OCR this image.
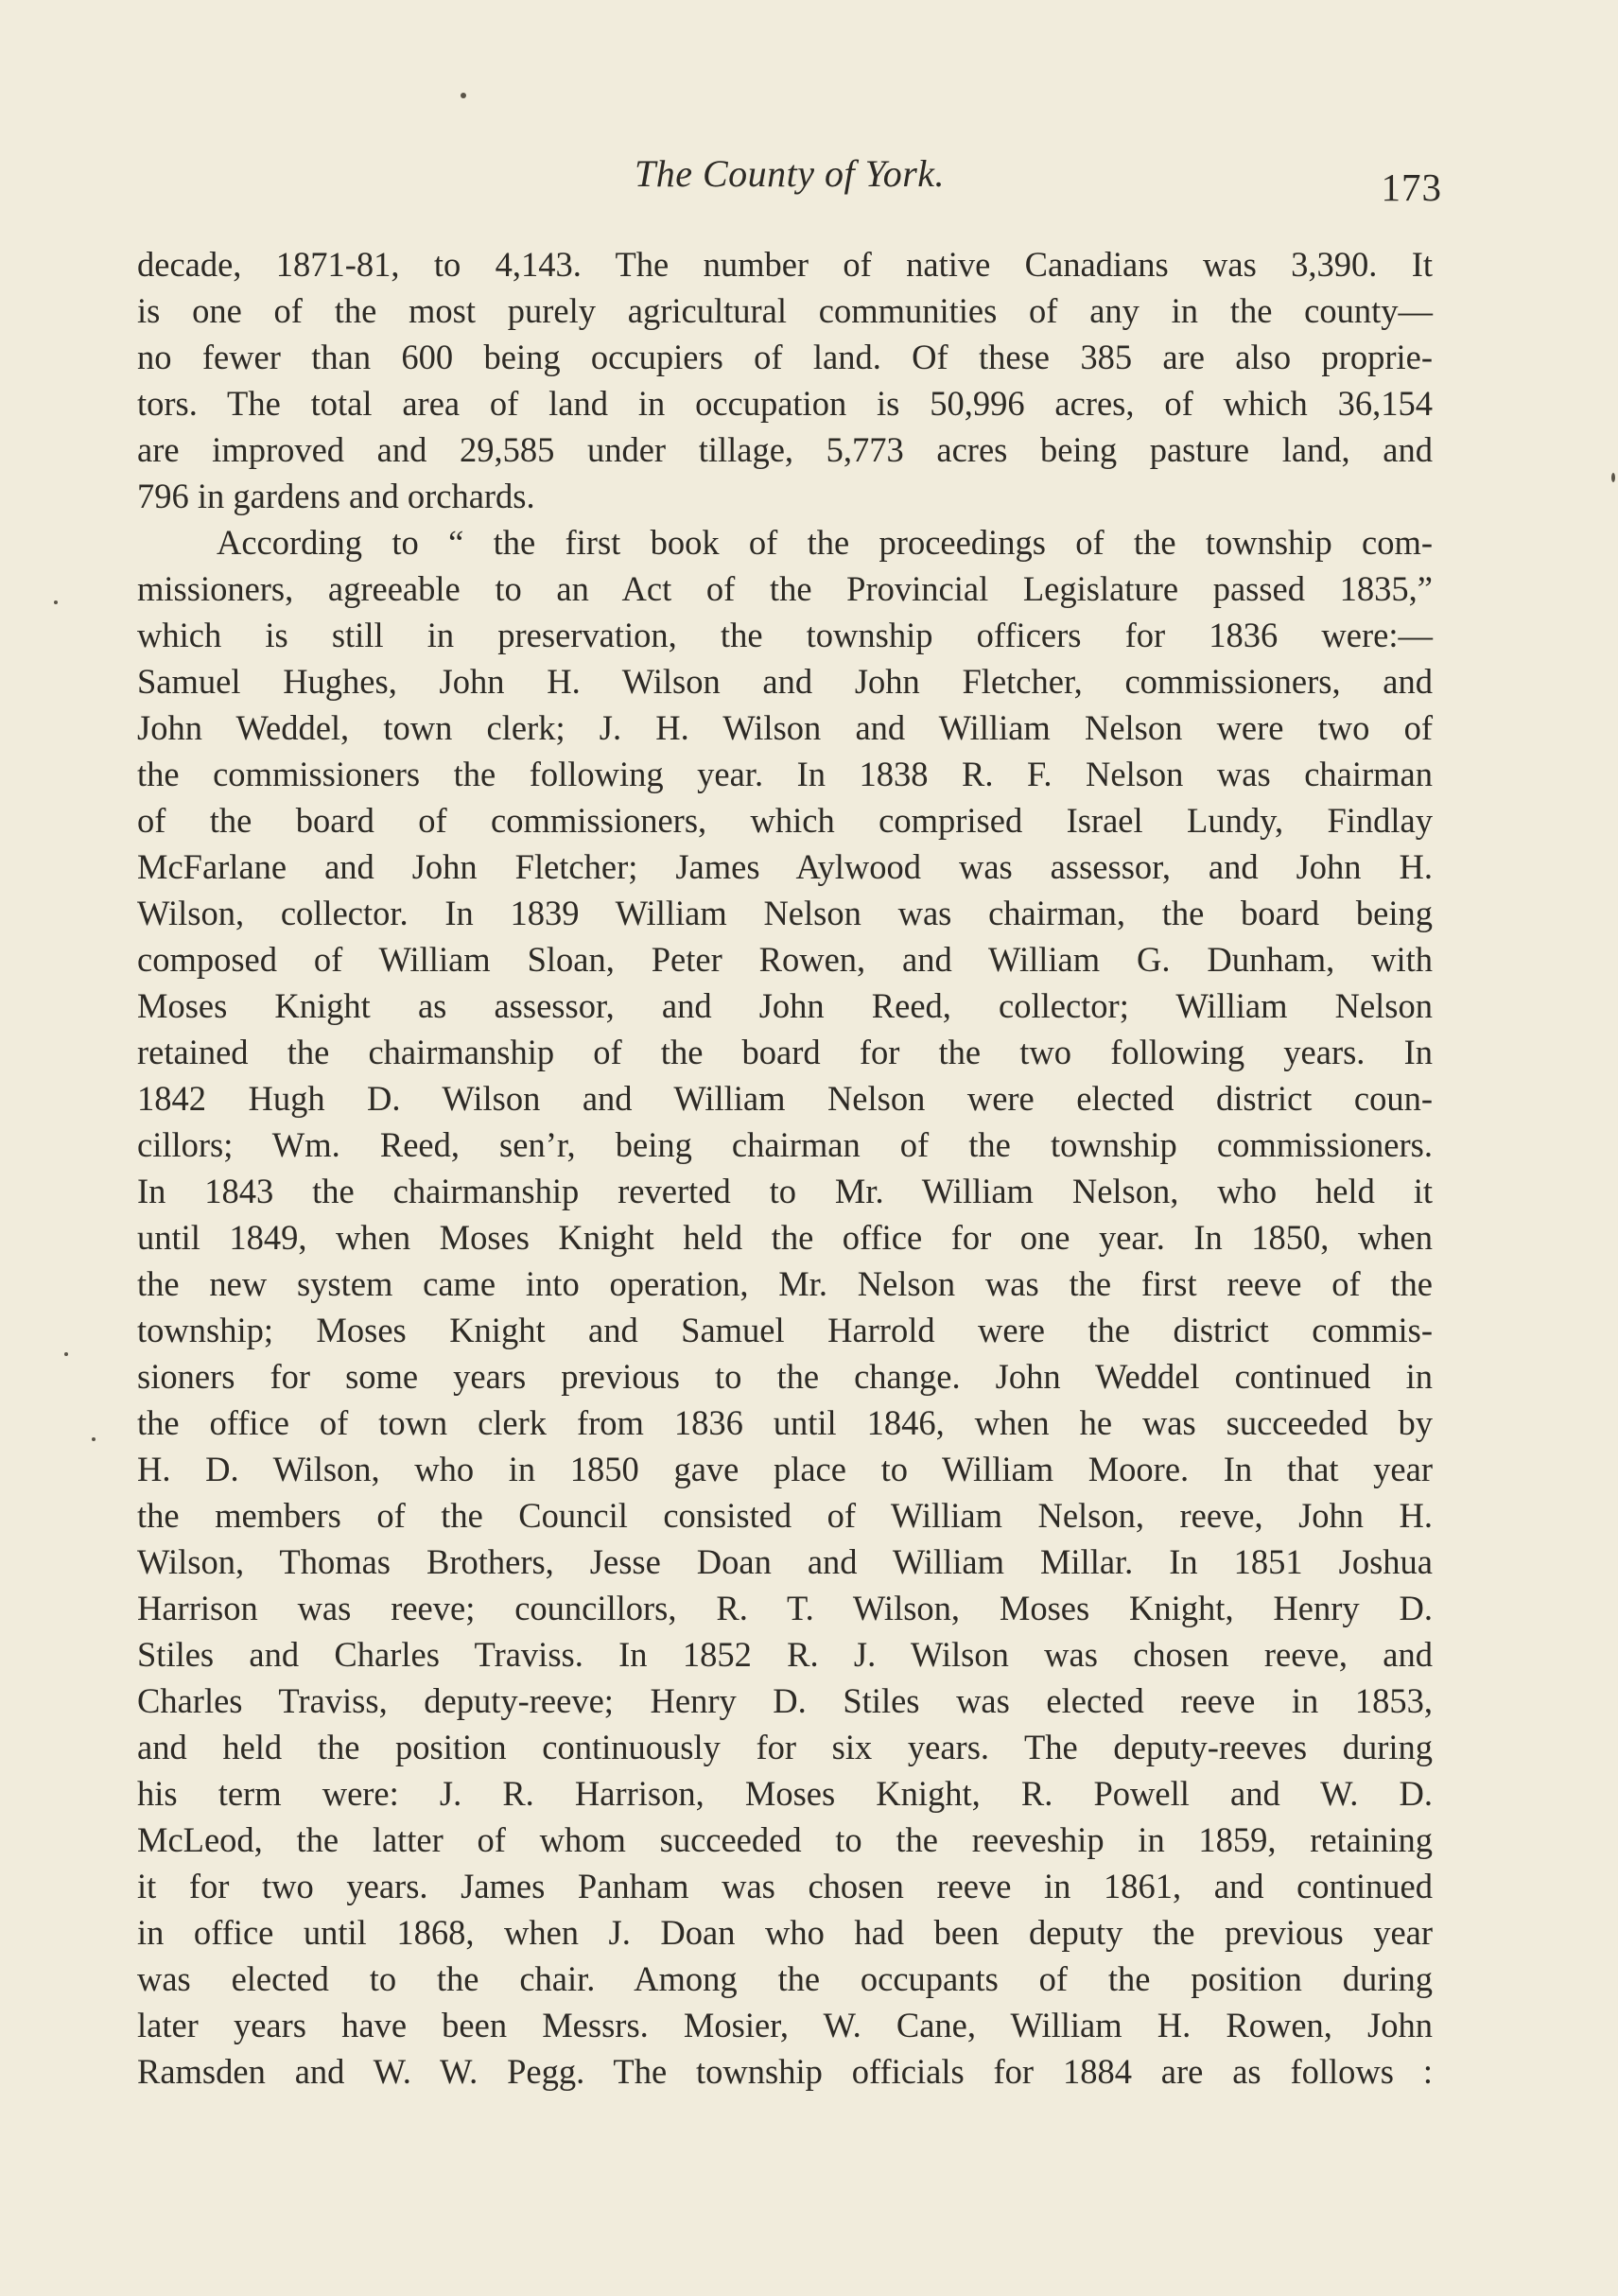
The County of York.	173
decade, 1871-81, to 4,143. The number of native Canadians was 3,390. It
is one of the most purely agricultural communities of any in the county—
no fewer than 600 being occupiers of land. Of these 385 are also proprie-
tors. The total area of land in occupation is 50,996 acres, of which 36,154
are improved and 29,585 under tillage, 5,773 acres being pasture land, and
796 in gardens and orchards.
According to “ the first book of the proceedings of the township com-
missioners, agreeable to an Act of the Provincial Legislature passed 1835,”
which is still in preservation, the township officers for 1836 were:—
Samuel Hughes, John H. Wilson and John Fletcher, commissioners, and
John Weddel, town clerk; J. H. Wilson and William Nelson were two of
the commissioners the following year. In 1838 R. F. Nelson was chairman
of the board of commissioners, which comprised Israel Lundy, Findlay
McFarlane and John Fletcher; James Aylwood was assessor, and John H.
Wilson, collector. In 1839 William Nelson was chairman, the board being
composed of William Sloan, Peter Rowen, and William G. Dunham, with
Moses Knight as assessor, and John Reed, collector; William Nelson
retained the chairmanship of the board for the two following years. In
1842 Hugh D. Wilson and William Nelson were elected district coun-
cillors; Wm. Reed, sen’r, being chairman of the township commissioners.
In 1843 the chairmanship reverted to Mr. William Nelson, who held it
until 1849, when Moses Knight held the office for one year. In 1850, when
the new system came into operation, Mr. Nelson was the first reeve of the
township; Moses Knight and Samuel Harrold were the district commis-
sioners for some years previous to the change. John Weddel continued in
the office of town clerk from 1836 until 1846, when he was succeeded by
H. D. Wilson, who in 1850 gave place to William Moore. In that year
the members of the Council consisted of William Nelson, reeve, John H.
Wilson, Thomas Brothers, Jesse Doan and William Millar. In 1851 Joshua
Harrison was reeve; councillors, R. T. Wilson, Moses Knight, Henry D.
Stiles and Charles Traviss. In 1852 R. J. Wilson was chosen reeve, and
Charles Traviss, deputy-reeve; Henry D. Stiles was elected reeve in 1853,
and held the position continuously for six years. The deputy-reeves during
his term were: J. R. Harrison, Moses Knight, R. Powell and W. D.
McLeod, the latter of whom succeeded to the reeveship in 1859, retaining
it for two years. James Panham was chosen reeve in 1861, and continued
in office until 1868, when J. Doan who had been deputy the previous year
was elected to the chair. Among the occupants of the position during
later years have been Messrs. Mosier, W. Cane, William H. Rowen, John
Ramsden and W. W. Pegg. The township officials for 1884 are as follows :
